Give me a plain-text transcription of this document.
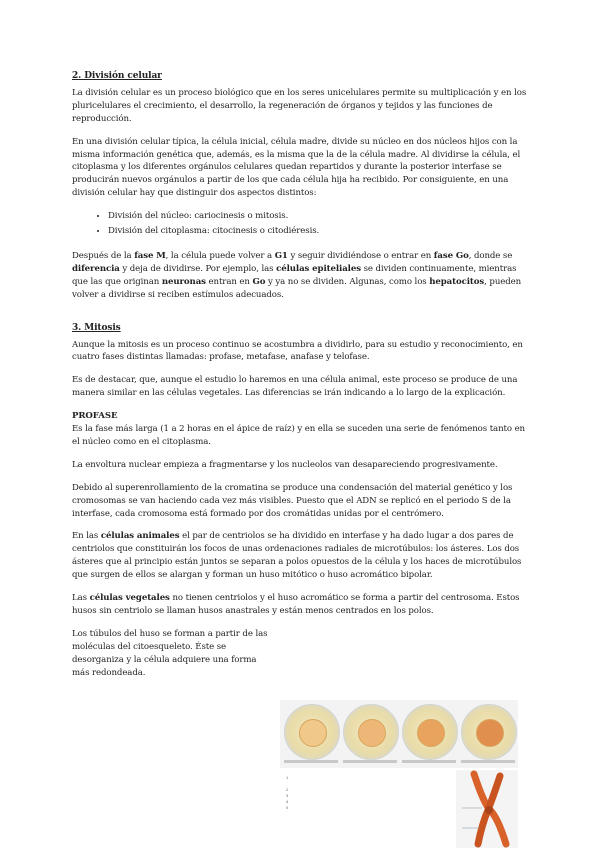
2. División celular

La división celular es un proceso biológico que en los seres unicelulares permite su multiplicación y en los pluricelulares el crecimiento, el desarrollo, la regeneración de órganos y tejidos y las funciones de reproducción.

En una división celular típica, la célula inicial, célula madre, divide su núcleo en dos núcleos hijos con la misma información genética que, además, es la misma que la de la célula madre. Al dividirse la célula, el citoplasma y los diferentes orgánulos celulares quedan repartidos y durante la posterior interfase se producirán nuevos orgánulos a partir de los que cada célula hija ha recibido. Por consiguiente, en una división celular hay que distinguir dos aspectos distintos:

• División del núcleo: cariocinesis o mitosis.
• División del citoplasma: citocinesis o citodiéresis.

Después de la fase M, la célula puede volver a G1 y seguir dividiéndose o entrar en fase Go, donde se diferencia y deja de dividirse. Por ejemplo, las células epiteliales se dividen continuamente, mientras que las que originan neuronas entran en Go y ya no se dividen. Algunas, como los hepatocitos, pueden volver a dividirse si reciben estímulos adecuados.

3. Mitosis

Aunque la mitosis es un proceso continuo se acostumbra a dividirlo, para su estudio y reconocimiento, en cuatro fases distintas llamadas: profase, metafase, anafase y telofase.

Es de destacar, que, aunque el estudio lo haremos en una célula animal, este proceso se produce de una manera similar en las células vegetales. Las diferencias se irán indicando a lo largo de la explicación.

PROFASE

Es la fase más larga (1 a 2 horas en el ápice de raíz) y en ella se suceden una serie de fenómenos tanto en el núcleo como en el citoplasma.

La envoltura nuclear empieza a fragmentarse y los nucleolos van desapareciendo progresivamente.

Debido al superenrollamiento de la cromatina se produce una condensación del material genético y los cromosomas se van haciendo cada vez más visibles. Puesto que el ADN se replicó en el periodo S de la interfase, cada cromosoma está formado por dos cromátidas unidas por el centrómero.

En las células animales el par de centriolos se ha dividido en interfase y ha dado lugar a dos pares de centriolos que constituirán los focos de unas ordenaciones radiales de microtúbulos: los ásteres. Los dos ásteres que al principio están juntos se separan a polos opuestos de la célula y los haces de microtúbulos que surgen de ellos se alargan y forman un huso mitótico o huso acromático bipolar.

Las células vegetales no tienen centriolos y el huso acromático se forma a partir del centrosoma. Estos husos sin centriolo se llaman husos anastrales y están menos centrados en los polos.

Los túbulos del huso se forman a partir de las moléculas del citoesqueleto. Éste se desorganiza y la célula adquiere una forma más redondeada.

1

2
3
4
5
